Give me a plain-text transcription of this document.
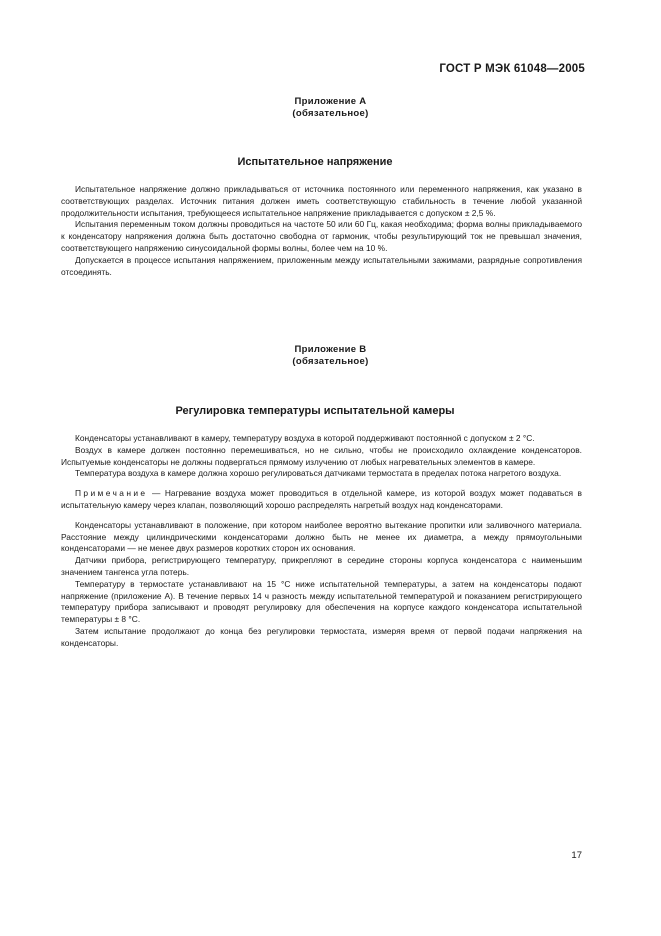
ГОСТ Р МЭК 61048—2005
Приложение А
(обязательное)
Испытательное напряжение

Испытательное напряжение должно прикладываться от источника постоянного или переменного напряжения, как указано в соответствующих разделах. Источник питания должен иметь соответствующую стабильность в течение любой указанной продолжительности испытания, требующееся испытательное напряжение прикладывается с допуском ± 2,5 %.

Испытания переменным током должны проводиться на частоте 50 или 60 Гц, какая необходима; форма волны прикладываемого к конденсатору напряжения должна быть достаточно свободна от гармоник, чтобы результирующий ток не превышал значения, соответствующего напряжению синусоидальной формы волны, более чем на 10 %.

Допускается в процессе испытания напряжением, приложенным между испытательными зажимами, разрядные сопротивления отсоединять.

Приложение В
(обязательное)
Регулировка температуры испытательной камеры

Конденсаторы устанавливают в камеру, температуру воздуха в которой поддерживают постоянной с допуском ± 2 °С.

Воздух в камере должен постоянно перемешиваться, но не сильно, чтобы не происходило охлаждение конденсаторов. Испытуемые конденсаторы не должны подвергаться прямому излучению от любых нагревательных элементов в камере.

Температура воздуха в камере должна хорошо регулироваться датчиками термостата в пределах потока нагретого воздуха.

Примечание — Нагревание воздуха может проводиться в отдельной камере, из которой воздух может подаваться в испытательную камеру через клапан, позволяющий хорошо распределять нагретый воздух над конденсаторами.

Конденсаторы устанавливают в положение, при котором наиболее вероятно вытекание пропитки или заливочного материала. Расстояние между цилиндрическими конденсаторами должно быть не менее их диаметра, а между прямоугольными конденсаторами — не менее двух размеров коротких сторон их основания.

Датчики прибора, регистрирующего температуру, прикрепляют в середине стороны корпуса конденсатора с наименьшим значением тангенса угла потерь.

Температуру в термостате устанавливают на 15 °С ниже испытательной температуры, а затем на конденсаторы подают напряжение (приложение А). В течение первых 14 ч разность между испытательной температурой и показанием регистрирующего температуру прибора записывают и проводят регулировку для обеспечения на корпусе каждого конденсатора испытательной температуры ± 8 °С.

Затем испытание продолжают до конца без регулировки термостата, измеряя время от первой подачи напряжения на конденсаторы.

17
